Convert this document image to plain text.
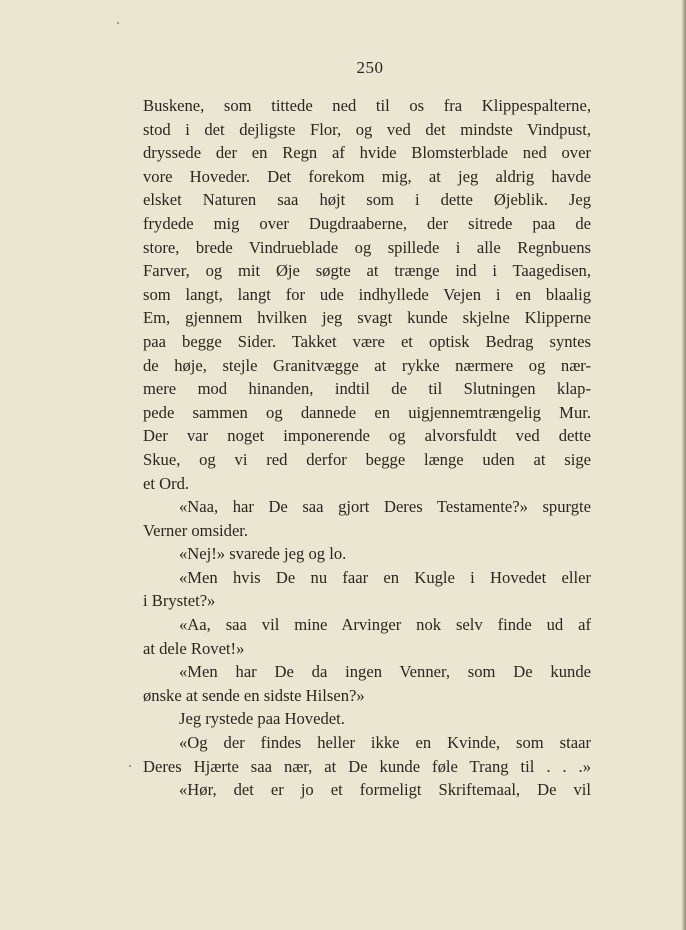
250
Buskene, som tittede ned til os fra Klippespalterne,
stod i det dejligste Flor, og ved det mindste Vindpust,
dryssede der en Regn af hvide Blomsterblade ned over
vore Hoveder. Det forekom mig, at jeg aldrig havde
elsket Naturen saa højt som i dette Øjeblik. Jeg
frydede mig over Dugdraaberne, der sitrede paa de
store, brede Vindrueblade og spillede i alle Regnbuens
Farver, og mit Øje søgte at trænge ind i Taagedisen,
som langt, langt for ude indhyllede Vejen i en blaalig
Em, gjennem hvilken jeg svagt kunde skjelne Klipperne
paa begge Sider. Takket være et optisk Bedrag syntes
de høje, stejle Granitvægge at rykke nærmere og nær-
mere mod hinanden, indtil de til Slutningen klap-
pede sammen og dannede en uigjennemtrængelig Mur.
Der var noget imponerende og alvorsfuldt ved dette
Skue, og vi red derfor begge længe uden at sige
et Ord.
«Naa, har De saa gjort Deres Testamente?» spurgte
Verner omsider.
«Nej!» svarede jeg og lo.
«Men hvis De nu faar en Kugle i Hovedet eller
i Brystet?»
«Aa, saa vil mine Arvinger nok selv finde ud af
at dele Rovet!»
«Men har De da ingen Venner, som De kunde
ønske at sende en sidste Hilsen?»
Jeg rystede paa Hovedet.
«Og der findes heller ikke en Kvinde, som staar
Deres Hjærte saa nær, at De kunde føle Trang til . . .»
«Hør, det er jo et formeligt Skriftemaal, De vil
